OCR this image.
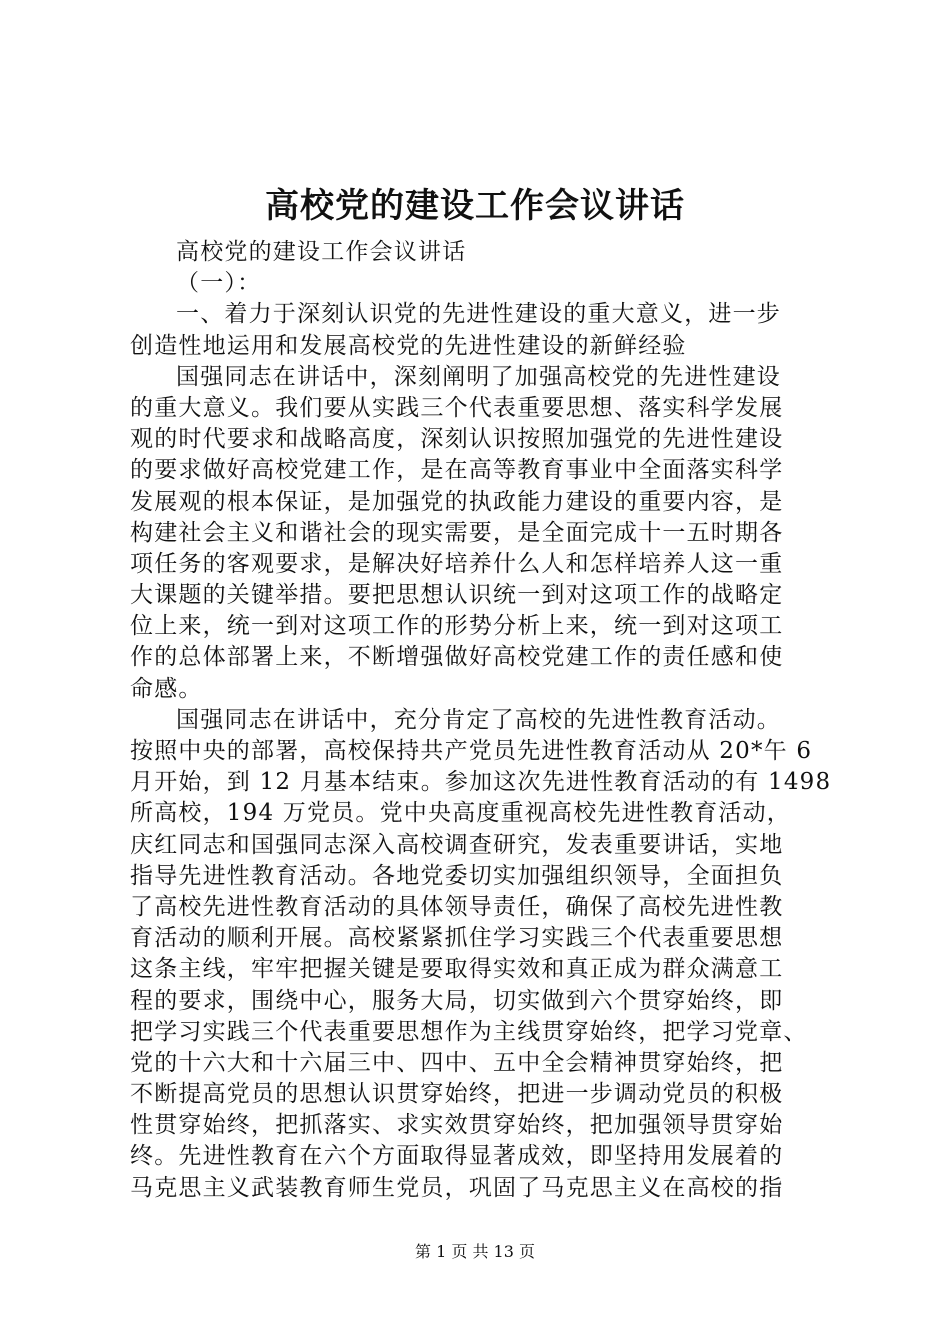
高校党的建设工作会议讲话
高校党的建设工作会议讲话
（一）：
一、着力于深刻认识党的先进性建设的重大意义，进一步
创造性地运用和发展高校党的先进性建设的新鲜经验
国强同志在讲话中，深刻阐明了加强高校党的先进性建设
的重大意义。我们要从实践三个代表重要思想、落实科学发展
观的时代要求和战略高度，深刻认识按照加强党的先进性建设
的要求做好高校党建工作，是在高等教育事业中全面落实科学
发展观的根本保证，是加强党的执政能力建设的重要内容，是
构建社会主义和谐社会的现实需要，是全面完成十一五时期各
项任务的客观要求，是解决好培养什么人和怎样培养人这一重
大课题的关键举措。要把思想认识统一到对这项工作的战略定
位上来，统一到对这项工作的形势分析上来，统一到对这项工
作的总体部署上来，不断增强做好高校党建工作的责任感和使
命感。
国强同志在讲话中，充分肯定了高校的先进性教育活动。
按照中央的部署，高校保持共产党员先进性教育活动从 20*午 6
月开始，到 12 月基本结束。参加这次先进性教育活动的有 1498
所高校，194 万党员。党中央高度重视高校先进性教育活动，
庆红同志和国强同志深入高校调查研究，发表重要讲话，实地
指导先进性教育活动。各地党委切实加强组织领导，全面担负
了高校先进性教育活动的具体领导责任，确保了高校先进性教
育活动的顺利开展。高校紧紧抓住学习实践三个代表重要思想
这条主线，牢牢把握关键是要取得实效和真正成为群众满意工
程的要求，围绕中心，服务大局，切实做到六个贯穿始终，即
把学习实践三个代表重要思想作为主线贯穿始终，把学习党章、
党的十六大和十六届三中、四中、五中全会精神贯穿始终，把
不断提高党员的思想认识贯穿始终，把进一步调动党员的积极
性贯穿始终，把抓落实、求实效贯穿始终，把加强领导贯穿始
终。先进性教育在六个方面取得显著成效，即坚持用发展着的
马克思主义武装教育师生党员，巩固了马克思主义在高校的指
第 1 页 共 13 页
